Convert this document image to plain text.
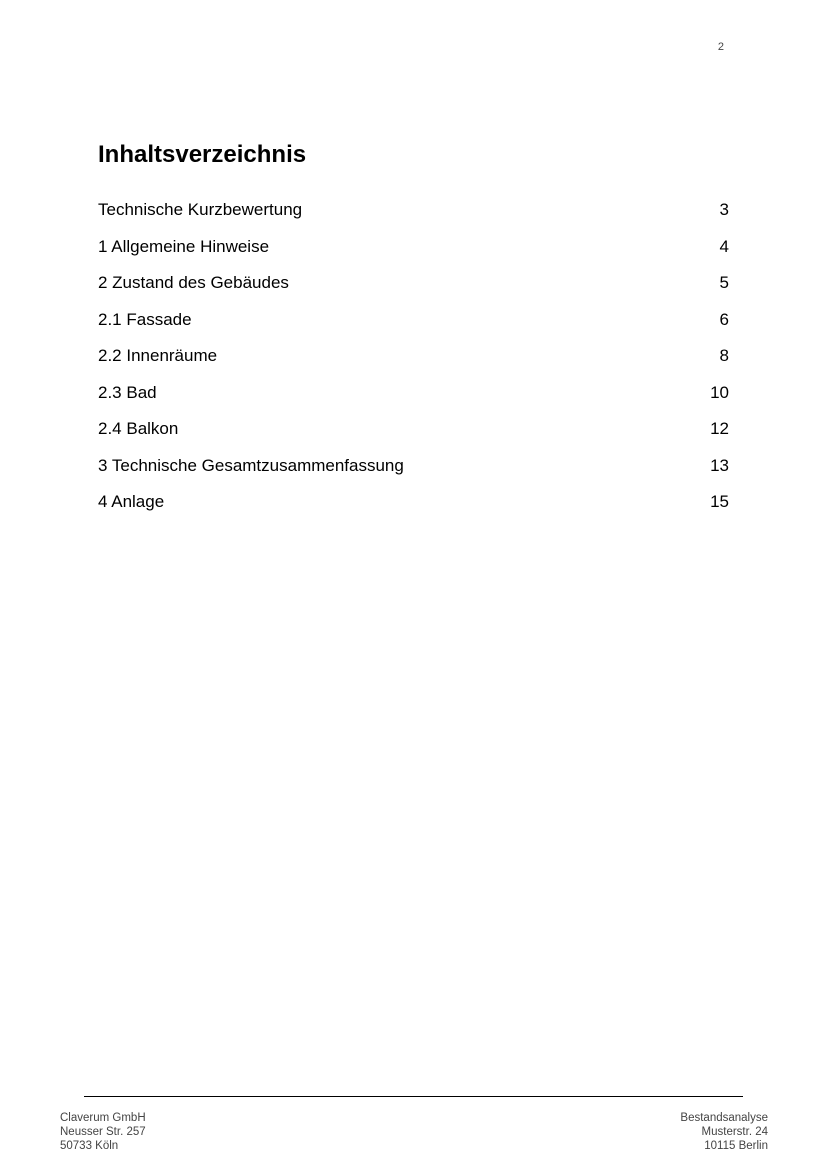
2
Inhaltsverzeichnis
Technische Kurzbewertung	3
1 Allgemeine Hinweise	4
2 Zustand des Gebäudes	5
2.1 Fassade	6
2.2 Innenräume	8
2.3 Bad	10
2.4 Balkon	12
3 Technische Gesamtzusammenfassung	13
4 Anlage	15
Claverum GmbH
Neusser Str. 257
50733 Köln
Bestandsanalyse
Musterstr. 24
10115 Berlin
